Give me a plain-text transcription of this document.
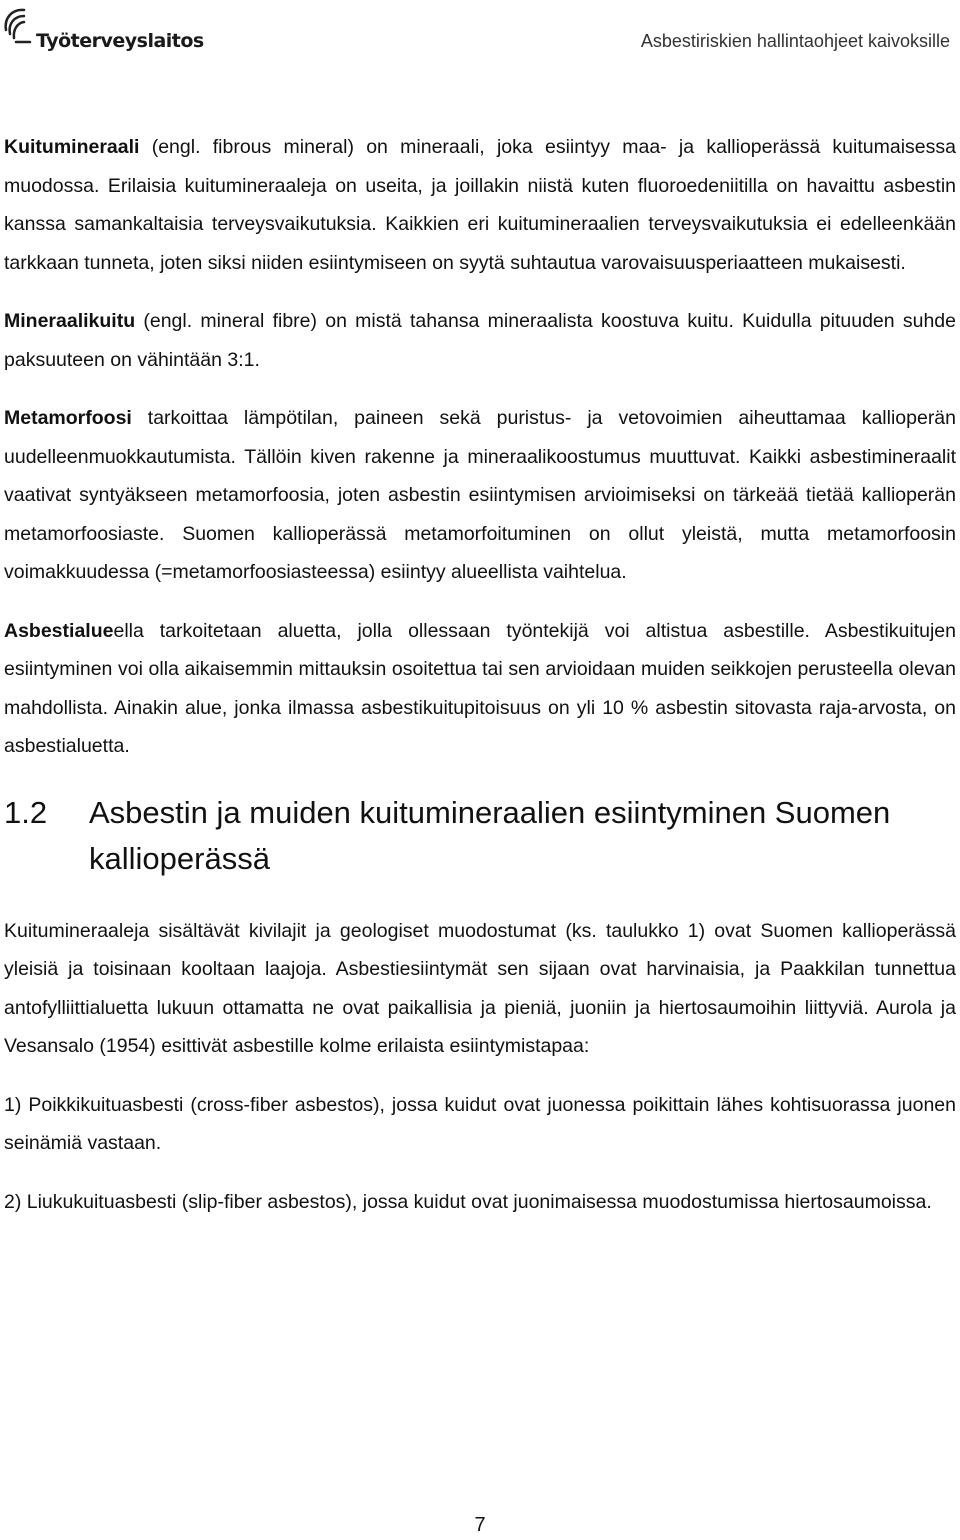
Työterveyslaitos	Asbestiriskien hallintaohjeet kaivoksille

Kuitumineraali (engl. fibrous mineral) on mineraali, joka esiintyy maa- ja kallioperässä kuitumaisessa muodossa. Erilaisia kuitumineraaleja on useita, ja joillakin niistä kuten fluoroedeniitilla on havaittu asbestin kanssa samankaltaisia terveysvaikutuksia. Kaikkien eri kuitumineraalien terveysvaikutuksia ei edelleenkään tarkkaan tunneta, joten siksi niiden esiintymiseen on syytä suhtautua varovaisuusperiaatteen mukaisesti.

Mineraalikuitu (engl. mineral fibre) on mistä tahansa mineraalista koostuva kuitu. Kuidulla pituuden suhde paksuuteen on vähintään 3:1.

Metamorfoosi tarkoittaa lämpötilan, paineen sekä puristus- ja vetovoimien aiheuttamaa kallioperän uudelleenmuokkautumista. Tällöin kiven rakenne ja mineraalikoostumus muuttuvat. Kaikki asbestimineraalit vaativat syntyäkseen metamorfoosia, joten asbestin esiintymisen arvioimiseksi on tärkeää tietää kallioperän metamorfoosiaste. Suomen kallioperässä metamorfoituminen on ollut yleistä, mutta metamorfoosin voimakkuudessa (=metamorfoosiasteessa) esiintyy alueellista vaihtelua.

Asbestialueella tarkoitetaan aluetta, jolla ollessaan työntekijä voi altistua asbestille. Asbestikuitujen esiintyminen voi olla aikaisemmin mittauksin osoitettua tai sen arvioidaan muiden seikkojen perusteella olevan mahdollista. Ainakin alue, jonka ilmassa asbestikuitupitoisuus on yli 10 % asbestin sitovasta raja-arvosta, on asbestialuetta.

1.2	Asbestin ja muiden kuitumineraalien esiintyminen Suomen kallioperässä

Kuitumineraaleja sisältävät kivilajit ja geologiset muodostumat (ks. taulukko 1) ovat Suomen kallioperässä yleisiä ja toisinaan kooltaan laajoja. Asbestiesiintymät sen sijaan ovat harvinaisia, ja Paakkilan tunnettua antofylliittialuetta lukuun ottamatta ne ovat paikallisia ja pieniä, juoniin ja hiertosaumoihin liittyviä. Aurola ja Vesansalo (1954) esittivät asbestille kolme erilaista esiintymistapaa:

1) Poikkikuituasbesti (cross-fiber asbestos), jossa kuidut ovat juonessa poikittain lähes kohtisuorassa juonen seinämiä vastaan.

2) Liukukuituasbesti (slip-fiber asbestos), jossa kuidut ovat juonimaisessa muodostumissa hiertosaumoissa.

7
